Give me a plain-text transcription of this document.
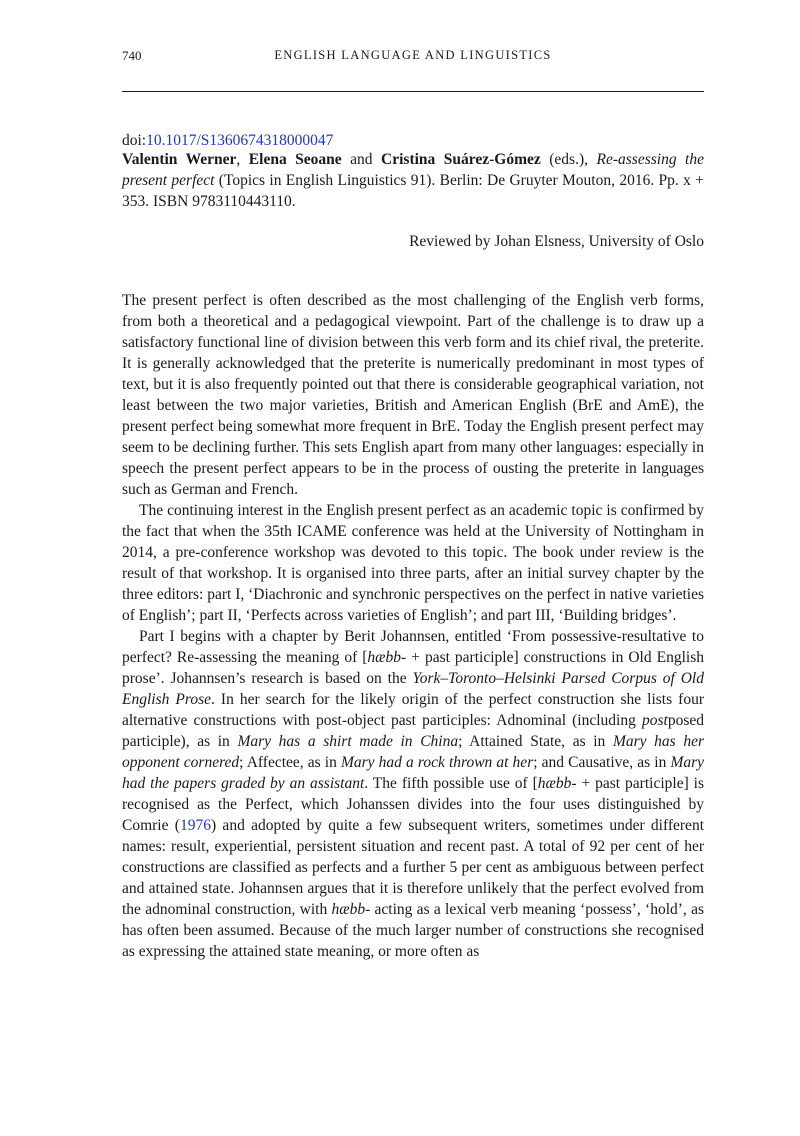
740	ENGLISH LANGUAGE AND LINGUISTICS
doi:10.1017/S1360674318000047
Valentin Werner, Elena Seoane and Cristina Suárez-Gómez (eds.), Re-assessing the present perfect (Topics in English Linguistics 91). Berlin: De Gruyter Mouton, 2016. Pp. x + 353. ISBN 9783110443110.
Reviewed by Johan Elsness, University of Oslo

The present perfect is often described as the most challenging of the English verb forms, from both a theoretical and a pedagogical viewpoint. Part of the challenge is to draw up a satisfactory functional line of division between this verb form and its chief rival, the preterite. It is generally acknowledged that the preterite is numerically predominant in most types of text, but it is also frequently pointed out that there is considerable geographical variation, not least between the two major varieties, British and American English (BrE and AmE), the present perfect being somewhat more frequent in BrE. Today the English present perfect may seem to be declining further. This sets English apart from many other languages: especially in speech the present perfect appears to be in the process of ousting the preterite in languages such as German and French.

The continuing interest in the English present perfect as an academic topic is confirmed by the fact that when the 35th ICAME conference was held at the University of Nottingham in 2014, a pre-conference workshop was devoted to this topic. The book under review is the result of that workshop. It is organised into three parts, after an initial survey chapter by the three editors: part I, ‘Diachronic and synchronic perspectives on the perfect in native varieties of English’; part II, ‘Perfects across varieties of English’; and part III, ‘Building bridges’.

Part I begins with a chapter by Berit Johannsen, entitled ‘From possessive-resultative to perfect? Re-assessing the meaning of [hæbb- + past participle] constructions in Old English prose’. Johannsen’s research is based on the York–Toronto–Helsinki Parsed Corpus of Old English Prose. In her search for the likely origin of the perfect construction she lists four alternative constructions with post-object past participles: Adnominal (including postposed participle), as in Mary has a shirt made in China; Attained State, as in Mary has her opponent cornered; Affectee, as in Mary had a rock thrown at her; and Causative, as in Mary had the papers graded by an assistant. The fifth possible use of [hæbb- + past participle] is recognised as the Perfect, which Johanssen divides into the four uses distinguished by Comrie (1976) and adopted by quite a few subsequent writers, sometimes under different names: result, experiential, persistent situation and recent past. A total of 92 per cent of her constructions are classified as perfects and a further 5 per cent as ambiguous between perfect and attained state. Johannsen argues that it is therefore unlikely that the perfect evolved from the adnominal construction, with hæbb- acting as a lexical verb meaning ‘possess’, ‘hold’, as has often been assumed. Because of the much larger number of constructions she recognised as expressing the attained state meaning, or more often as
